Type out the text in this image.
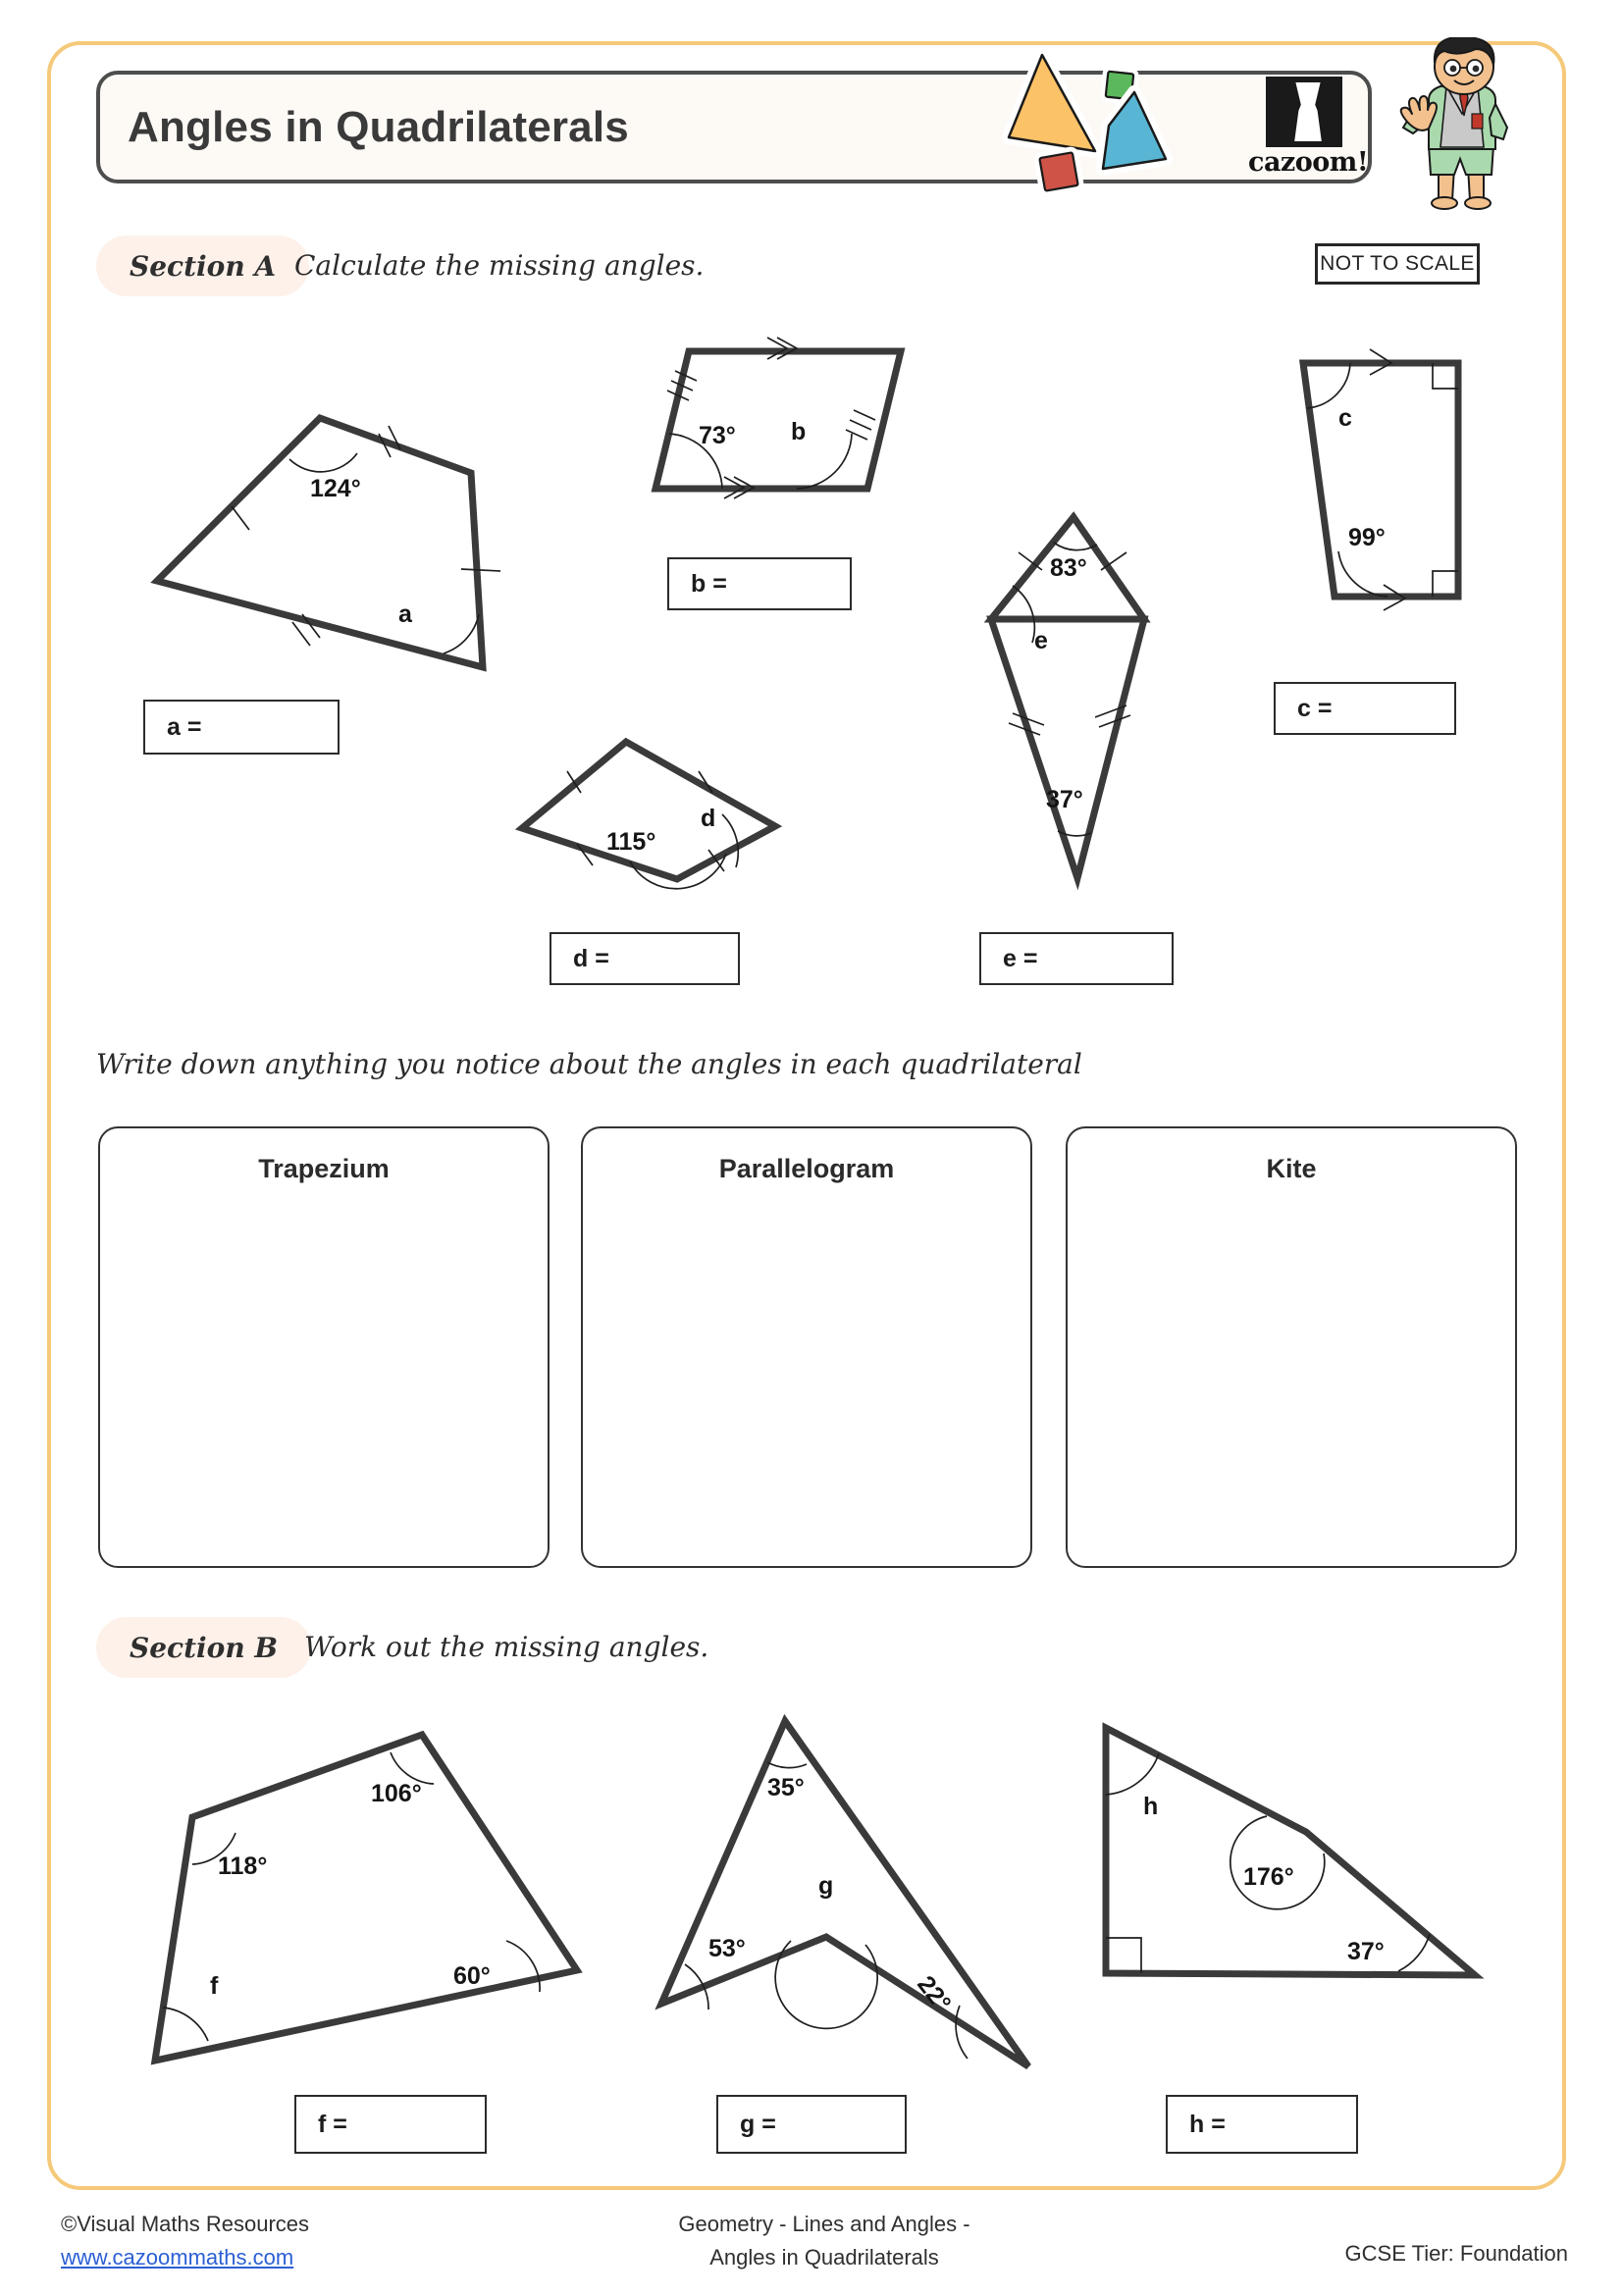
Angles in Quadrilaterals
cazoom!
NOT TO SCALE
Section A Calculate the missing angles.
124°
a
a =
73° b
b =
c
99°
c =
115°
d
d =
83°
e
37°
e =
Write down anything you notice about the angles in each quadrilateral
Trapezium	Parallelogram	Kite
Section B Work out the missing angles.
118°
106°
60°
f
f =
35°
53°
g
22°
g =
h
176°
37°
h =
©Visual Maths Resources
www.cazoommaths.com
Geometry - Lines and Angles -
Angles in Quadrilaterals	GCSE Tier: Foundation
